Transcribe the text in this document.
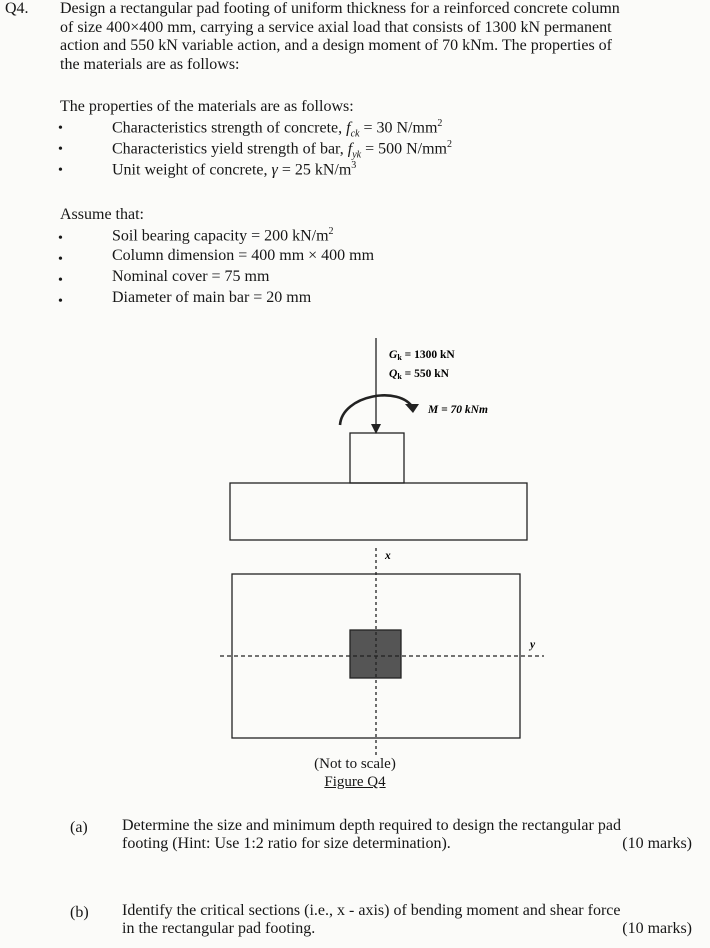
Q4. Design a rectangular pad footing of uniform thickness for a reinforced concrete column
of size 400×400 mm, carrying a service axial load that consists of 1300 kN permanent
action and 550 kN variable action, and a design moment of 70 kNm. The properties of
the materials are as follows:
The properties of the materials are as follows:
•	Characteristics strength of concrete, $f_{ck} = 30$ $N/mm^2$
•	Characteristics yield strength of bar, $f_{yk} = 500$ $N/mm^2$
•	Unit weight of concrete, γ = 25 $kN/m^3$
Assume that:
•	Soil bearing capacity = 200 $kN/m^2$
•	Column dimension = 400 mm × 400 mm
•	Nominal cover = 75 mm
•	Diameter of main bar = 20 mm
Gk = 1300 kN
Qk = 550 kN
M = 70 kNm
x
y
(Not to scale)
Figure Q4
(a) Determine the size and minimum depth required to design the rectangular pad
footing (Hint: Use 1:2 ratio for size determination).	(10 marks)
(b) Identify the critical sections (i.e., x - axis) of bending moment and shear force
in the rectangular pad footing.	(10 marks)
